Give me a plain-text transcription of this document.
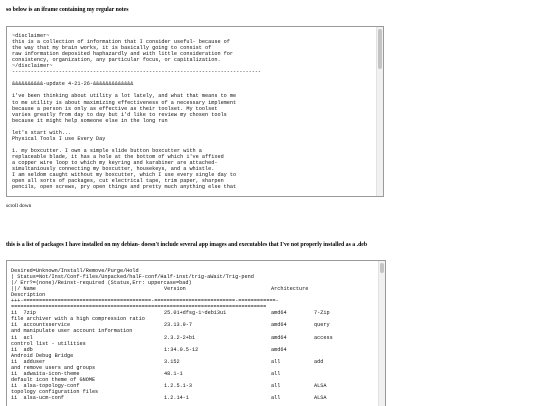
so below is an iframe containing my regular notes
~disclaimer~
this is a collection of information that I consider useful- because of
the way that my brain works, it is basically going to consist of
raw information deposited haphazardly and with little consideration for
consistency, organization, any particular focus, or capitalization.
~/disclaimer~
--------------------------------------------------------------------------------
&&&&&&&&&&-update 4-21-26-&&&&&&&&&&&&&
i've been thinking about utility a lot lately, and what that means to me
to me utility is about maximizing effectiveness of a necessary implement
because a person is only as effective as their toolset. My toolset
varies greatly from day to day but i'd like to review my chosen tools
because it might help someone else in the long run
let's start with...
Physical Tools I use Every Day
1. my boxcutter. I own a simple slide button boxcutter with a
replaceable blade, it has a hole at the bottom of which i've affixed
a copper wire loop to which my keyring and karabiner are attached-
simultaniously connecting my boxcutter, housekeys, and a whistle.
I am seldom caught without my boxcutter, which I use every single day to
open all sorts of packages, cut electrical tape, trim paper, sharpen
pencils, open screws, pry open things and pretty much anything else that
scroll down
this is a list of packages I have installed on my debian- doesn't include several app images and executables that I've not properly installed as a .deb
Desired=Unknown/Install/Remove/Purge/Hold
| Status=Not/Inst/Conf-files/Unpacked/halF-conf/Half-inst/trig-aWait/Trig-pend
|/ Err?=(none)/Reinst-required (Status,Err: uppercase=bad)
||/ Name	Version	Architecture
Description
+++-=========================================-==========================-============-
==================================================================================
ii  7zip	25.01+dfsg-1~deb13u1	amd64	7-Zip
file archiver with a high compression ratio
ii  accountsservice	23.13.9-7	amd64	query
and manipulate user account information
ii  acl	2.3.2-2+b1	amd64	access
control list - utilities
ii  adb	1:34.0.5-12	amd64
Android Debug Bridge
ii  adduser	3.152	all	add
and remove users and groups
ii  adwaita-icon-theme	48.1-1	all
default icon theme of GNOME
ii  alsa-topology-conf	1.2.5.1-3	all	ALSA
topology configuration files
ii  alsa-ucm-conf	1.2.14-1	all	ALSA
